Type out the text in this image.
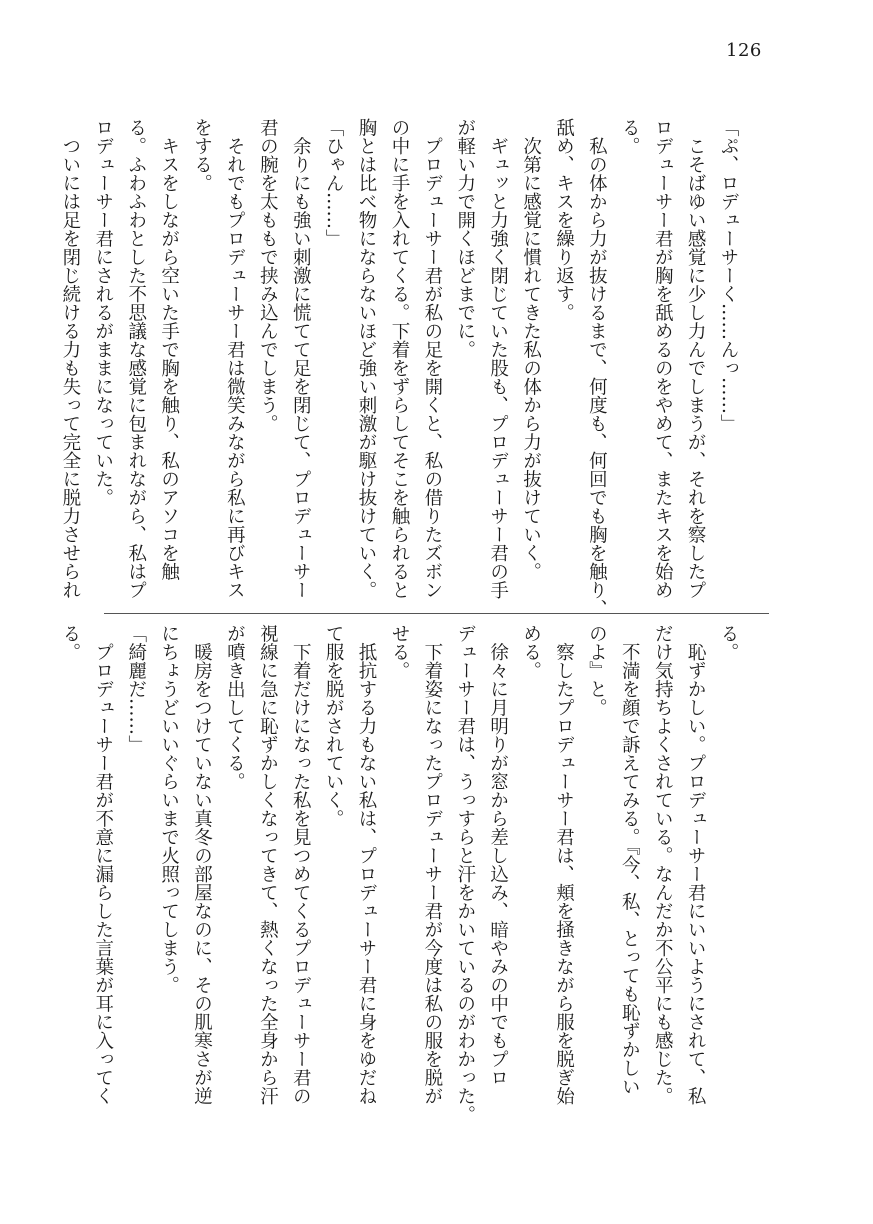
126

「ぷ、ロデューサーく……んっ……」

　こそばゆい感覚に少し力んでしまうが、それを察したプ

ロデューサー君が胸を舐めるのをやめて、またキスを始め

る。

　私の体から力が抜けるまで、何度も、何回でも胸を触り、

舐め、キスを繰り返す。

　次第に感覚に慣れてきた私の体から力が抜けていく。

　ギュッと力強く閉じていた股も、プロデューサー君の手

が軽い力で開くほどまでに。

　プロデューサー君が私の足を開くと、私の借りたズボン

の中に手を入れてくる。下着をずらしてそこを触られると

胸とは比べ物にならないほど強い刺激が駆け抜けていく。

「ひゃん……」

　余りにも強い刺激に慌てて足を閉じて、プロデューサー

君の腕を太ももで挟み込んでしまう。

　それでもプロデューサー君は微笑みながら私に再びキス

をする。

　キスをしながら空いた手で胸を触り、私のアソコを触

る。ふわふわとした不思議な感覚に包まれながら、私はプ

ロデューサー君にされるがままになっていた。

　ついには足を閉じ続ける力も失って完全に脱力させられ

る。

　恥ずかしい。プロデューサー君にいいようにされて、私

だけ気持ちよくされている。なんだか不公平にも感じた。

　不満を顔で訴えてみる。『今、私、とっても恥ずかしい

のよ』と。

　察したプロデューサー君は、頬を掻きながら服を脱ぎ始

める。

　徐々に月明りが窓から差し込み、暗やみの中でもプロ

デューサー君は、うっすらと汗をかいているのがわかった。

　下着姿になったプロデューサー君が今度は私の服を脱が

せる。

　抵抗する力もない私は、プロデューサー君に身をゆだね

て服を脱がされていく。

　下着だけになった私を見つめてくるプロデューサー君の

視線に急に恥ずかしくなってきて、熱くなった全身から汗

が噴き出してくる。

　暖房をつけていない真冬の部屋なのに、その肌寒さが逆

にちょうどいいぐらいまで火照ってしまう。

「綺麗だ……」

　プロデューサー君が不意に漏らした言葉が耳に入ってく

る。
